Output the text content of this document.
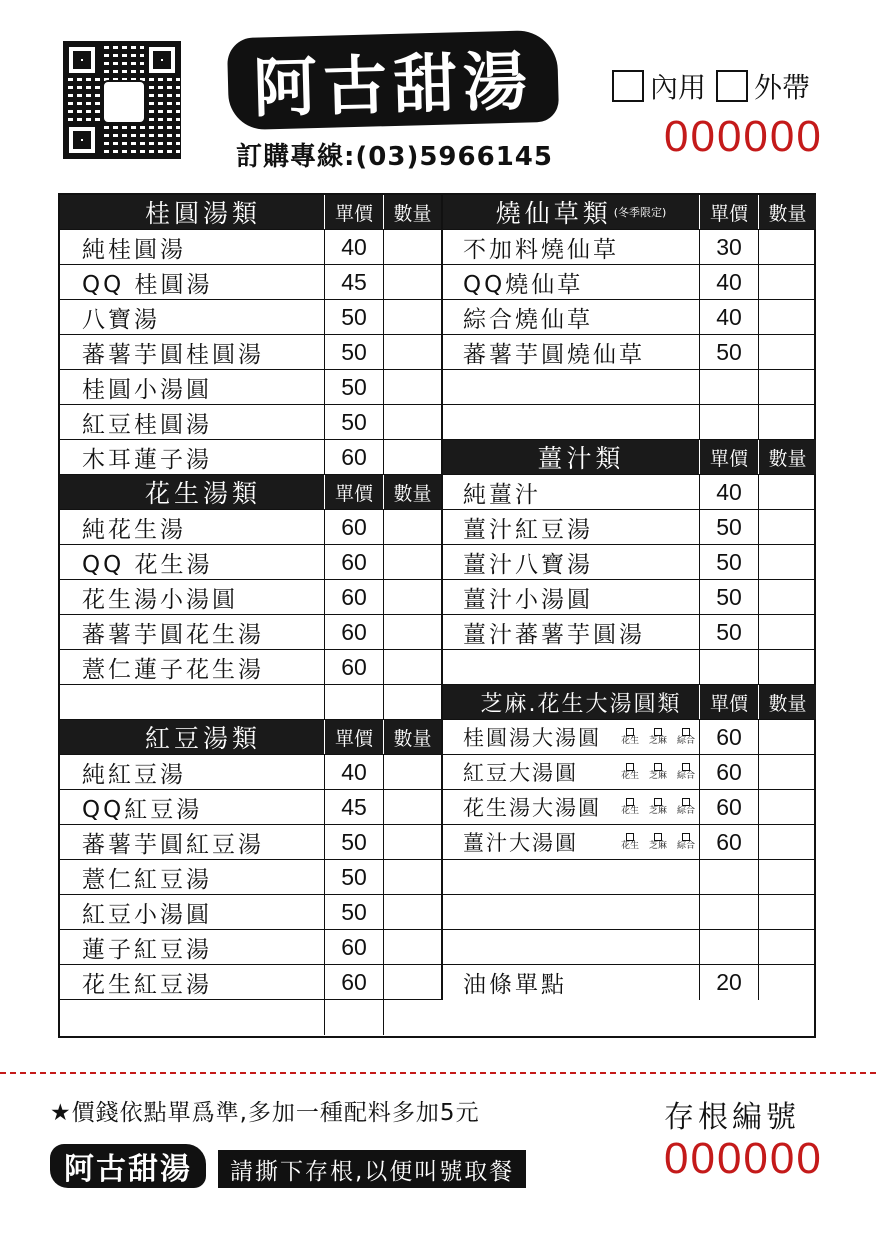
阿古甜湯
訂購專線:(03)5966145
內用 外帶
000000
桂圓湯類	單價	數量
純桂圓湯	40
QQ 桂圓湯	45
八寶湯	50
蕃薯芋圓桂圓湯	50
桂圓小湯圓	50
紅豆桂圓湯	50
木耳蓮子湯	60
花生湯類	單價	數量
純花生湯	60
QQ 花生湯	60
花生湯小湯圓	60
蕃薯芋圓花生湯	60
薏仁蓮子花生湯	60
紅豆湯類	單價	數量
純紅豆湯	40
QQ紅豆湯	45
蕃薯芋圓紅豆湯	50
薏仁紅豆湯	50
紅豆小湯圓	50
蓮子紅豆湯	60
花生紅豆湯	60
燒仙草類 (冬季限定)	單價	數量
不加料燒仙草	30
QQ燒仙草	40
綜合燒仙草	40
蕃薯芋圓燒仙草	50
薑汁類	單價	數量
純薑汁	40
薑汁紅豆湯	50
薑汁八寶湯	50
薑汁小湯圓	50
薑汁蕃薯芋圓湯	50
芝麻.花生大湯圓類	單價	數量
桂圓湯大湯圓 花生 芝麻 綜合 60
紅豆大湯圓	花生 芝麻 綜合 60
花生湯大湯圓 花生 芝麻 綜合 60
薑汁大湯圓	花生 芝麻 綜合 60
油條單點	20
★價錢依點單爲準,多加一種配料多加5元	存根編號
000000
阿古甜湯	請撕下存根,以便叫號取餐
